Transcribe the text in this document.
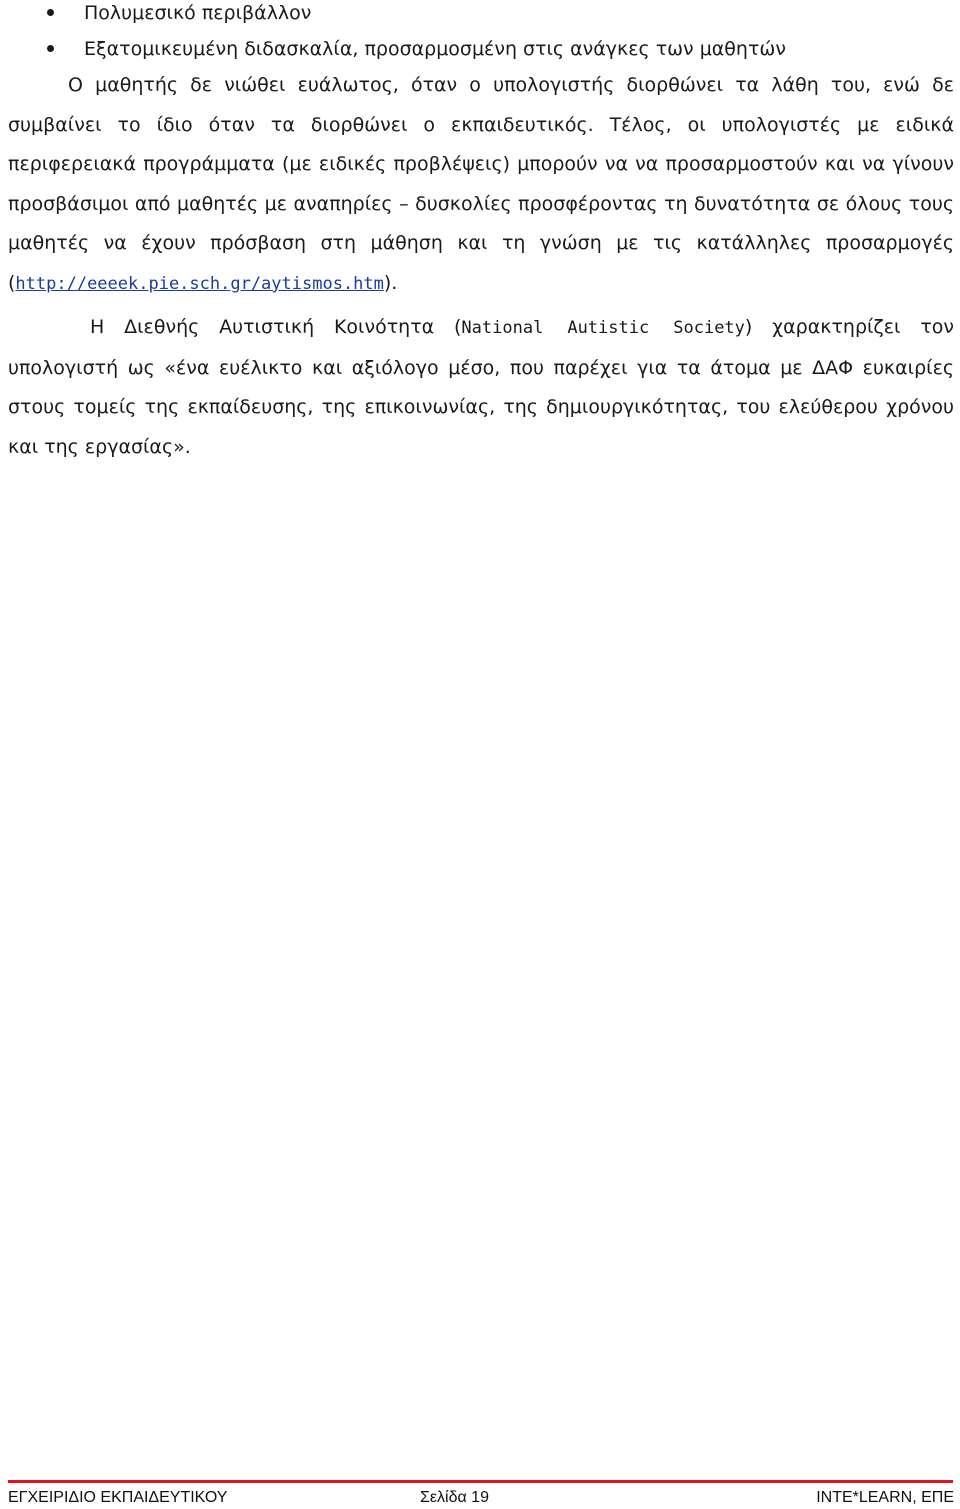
Πολυμεσικό περιβάλλον
Εξατομικευμένη διδασκαλία, προσαρμοσμένη στις ανάγκες των μαθητών

Ο μαθητής δε νιώθει ευάλωτος, όταν ο υπολογιστής διορθώνει τα λάθη του, ενώ δε συμβαίνει το ίδιο όταν τα διορθώνει ο εκπαιδευτικός. Τέλος, οι υπολογιστές με ειδικά περιφερειακά προγράμματα (με ειδικές προβλέψεις) μπορούν να να προσαρμοστούν και να γίνουν προσβάσιμοι από μαθητές με αναπηρίες – δυσκολίες προσφέροντας τη δυνατότητα σε όλους τους μαθητές να έχουν πρόσβαση στη μάθηση και τη γνώση με τις κατάλληλες προσαρμογές (http://eeeek.pie.sch.gr/aytismos.htm).

Η Διεθνής Αυτιστική Κοινότητα (National Autistic Society) χαρακτηρίζει τον υπολογιστή ως «ένα ευέλικτο και αξιόλογο μέσο, που παρέχει για τα άτομα με ΔΑΦ ευκαιρίες στους τομείς της εκπαίδευσης, της επικοινωνίας, της δημιουργικότητας, του ελεύθερου χρόνου και της εργασίας».

ΕΓΧΕΙΡΙΔΙΟ ΕΚΠΑΙΔΕΥΤΙΚΟΥ	Σελίδα 19	INTE*LEARN, ΕΠΕ
